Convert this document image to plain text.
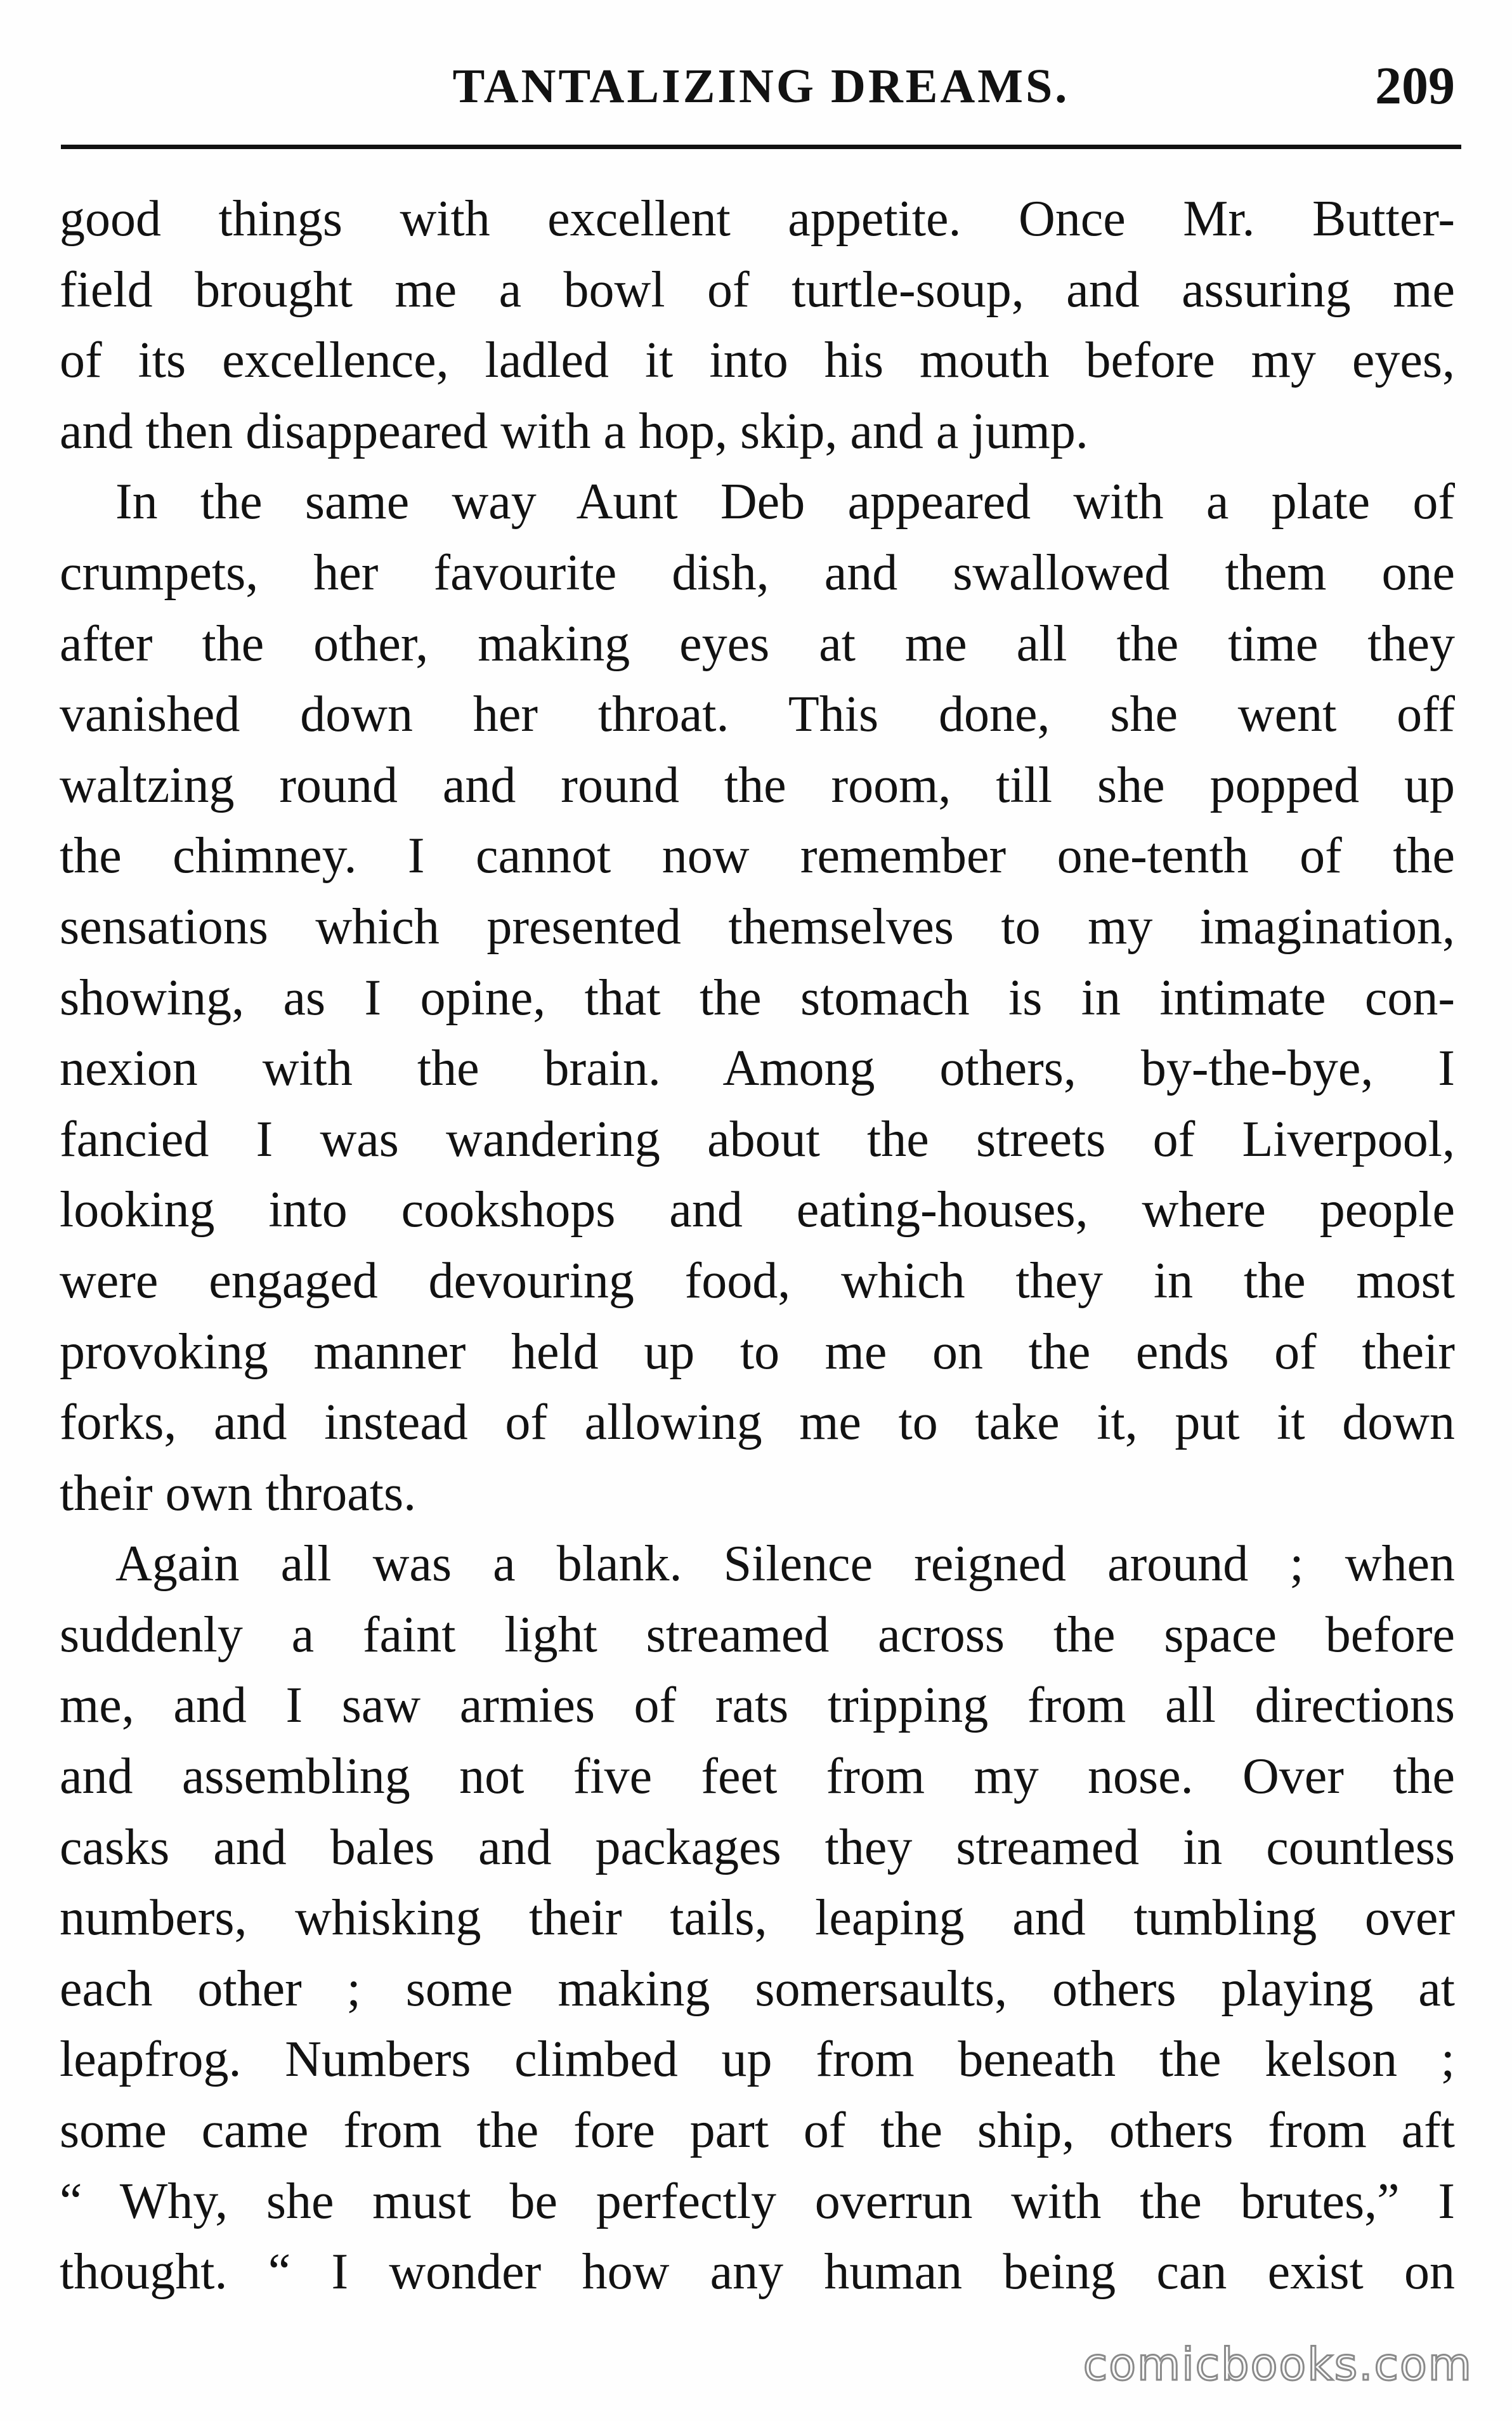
TANTALIZING DREAMS.	209
good things with excellent appetite. Once Mr. Butter-
field brought me a bowl of turtle-soup, and assuring me
of its excellence, ladled it into his mouth before my eyes,
and then disappeared with a hop, skip, and a jump.
In the same way Aunt Deb appeared with a plate of
crumpets, her favourite dish, and swallowed them one
after the other, making eyes at me all the time they
vanished down her throat. This done, she went off
waltzing round and round the room, till she popped up
the chimney. I cannot now remember one-tenth of the
sensations which presented themselves to my imagination,
showing, as I opine, that the stomach is in intimate con-
nexion with the brain. Among others, by-the-bye, I
fancied I was wandering about the streets of Liverpool,
looking into cookshops and eating-houses, where people
were engaged devouring food, which they in the most
provoking manner held up to me on the ends of their
forks, and instead of allowing me to take it, put it down
their own throats.
Again all was a blank. Silence reigned around ; when
suddenly a faint light streamed across the space before
me, and I saw armies of rats tripping from all directions
and assembling not five feet from my nose. Over the
casks and bales and packages they streamed in countless
numbers, whisking their tails, leaping and tumbling over
each other ; some making somersaults, others playing at
leapfrog. Numbers climbed up from beneath the kelson ;
some came from the fore part of the ship, others from aft
“ Why, she must be perfectly overrun with the brutes,” I
thought. “ I wonder how any human being can exist on
comicbooks.com
